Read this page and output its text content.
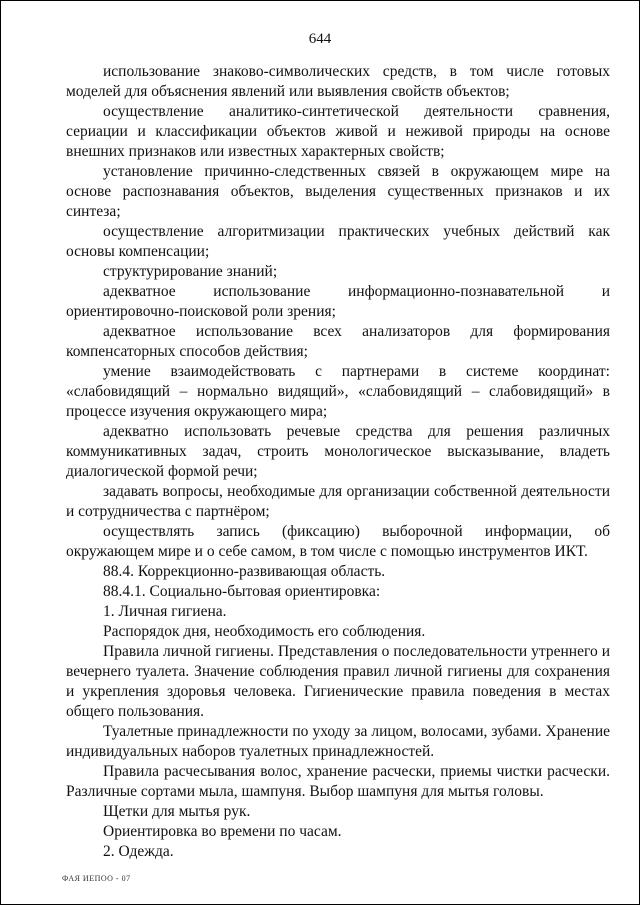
644

использование знаково-символических средств, в том числе готовых моделей для объяснения явлений или выявления свойств объектов;

осуществление аналитико-синтетической деятельности сравнения, сериации и классификации объектов живой и неживой природы на основе внешних признаков или известных характерных свойств;

установление причинно-следственных связей в окружающем мире на основе распознавания объектов, выделения существенных признаков и их синтеза;

осуществление алгоритмизации практических учебных действий как основы компенсации;

структурирование знаний;

адекватное использование информационно-познавательной и ориентировочно-поисковой роли зрения;

адекватное использование всех анализаторов для формирования компенсаторных способов действия;

умение взаимодействовать с партнерами в системе координат: «слабовидящий – нормально видящий», «слабовидящий – слабовидящий» в процессе изучения окружающего мира;

адекватно использовать речевые средства для решения различных коммуникативных задач, строить монологическое высказывание, владеть диалогической формой речи;

задавать вопросы, необходимые для организации собственной деятельности и сотрудничества с партнёром;

осуществлять запись (фиксацию) выборочной информации, об окружающем мире и о себе самом, в том числе с помощью инструментов ИКТ.

88.4. Коррекционно-развивающая область.

88.4.1. Социально-бытовая ориентировка:

1. Личная гигиена.

Распорядок дня, необходимость его соблюдения.

Правила личной гигиены. Представления о последовательности утреннего и вечернего туалета. Значение соблюдения правил личной гигиены для сохранения и укрепления здоровья человека. Гигиенические правила поведения в местах общего пользования.

Туалетные принадлежности по уходу за лицом, волосами, зубами. Хранение индивидуальных наборов туалетных принадлежностей.

Правила расчесывания волос, хранение расчески, приемы чистки расчески. Различные сортами мыла, шампуня. Выбор шампуня для мытья головы.

Щетки для мытья рук.

Ориентировка во времени по часам.

2. Одежда.

ФАЯ ИЕПОО - 07
